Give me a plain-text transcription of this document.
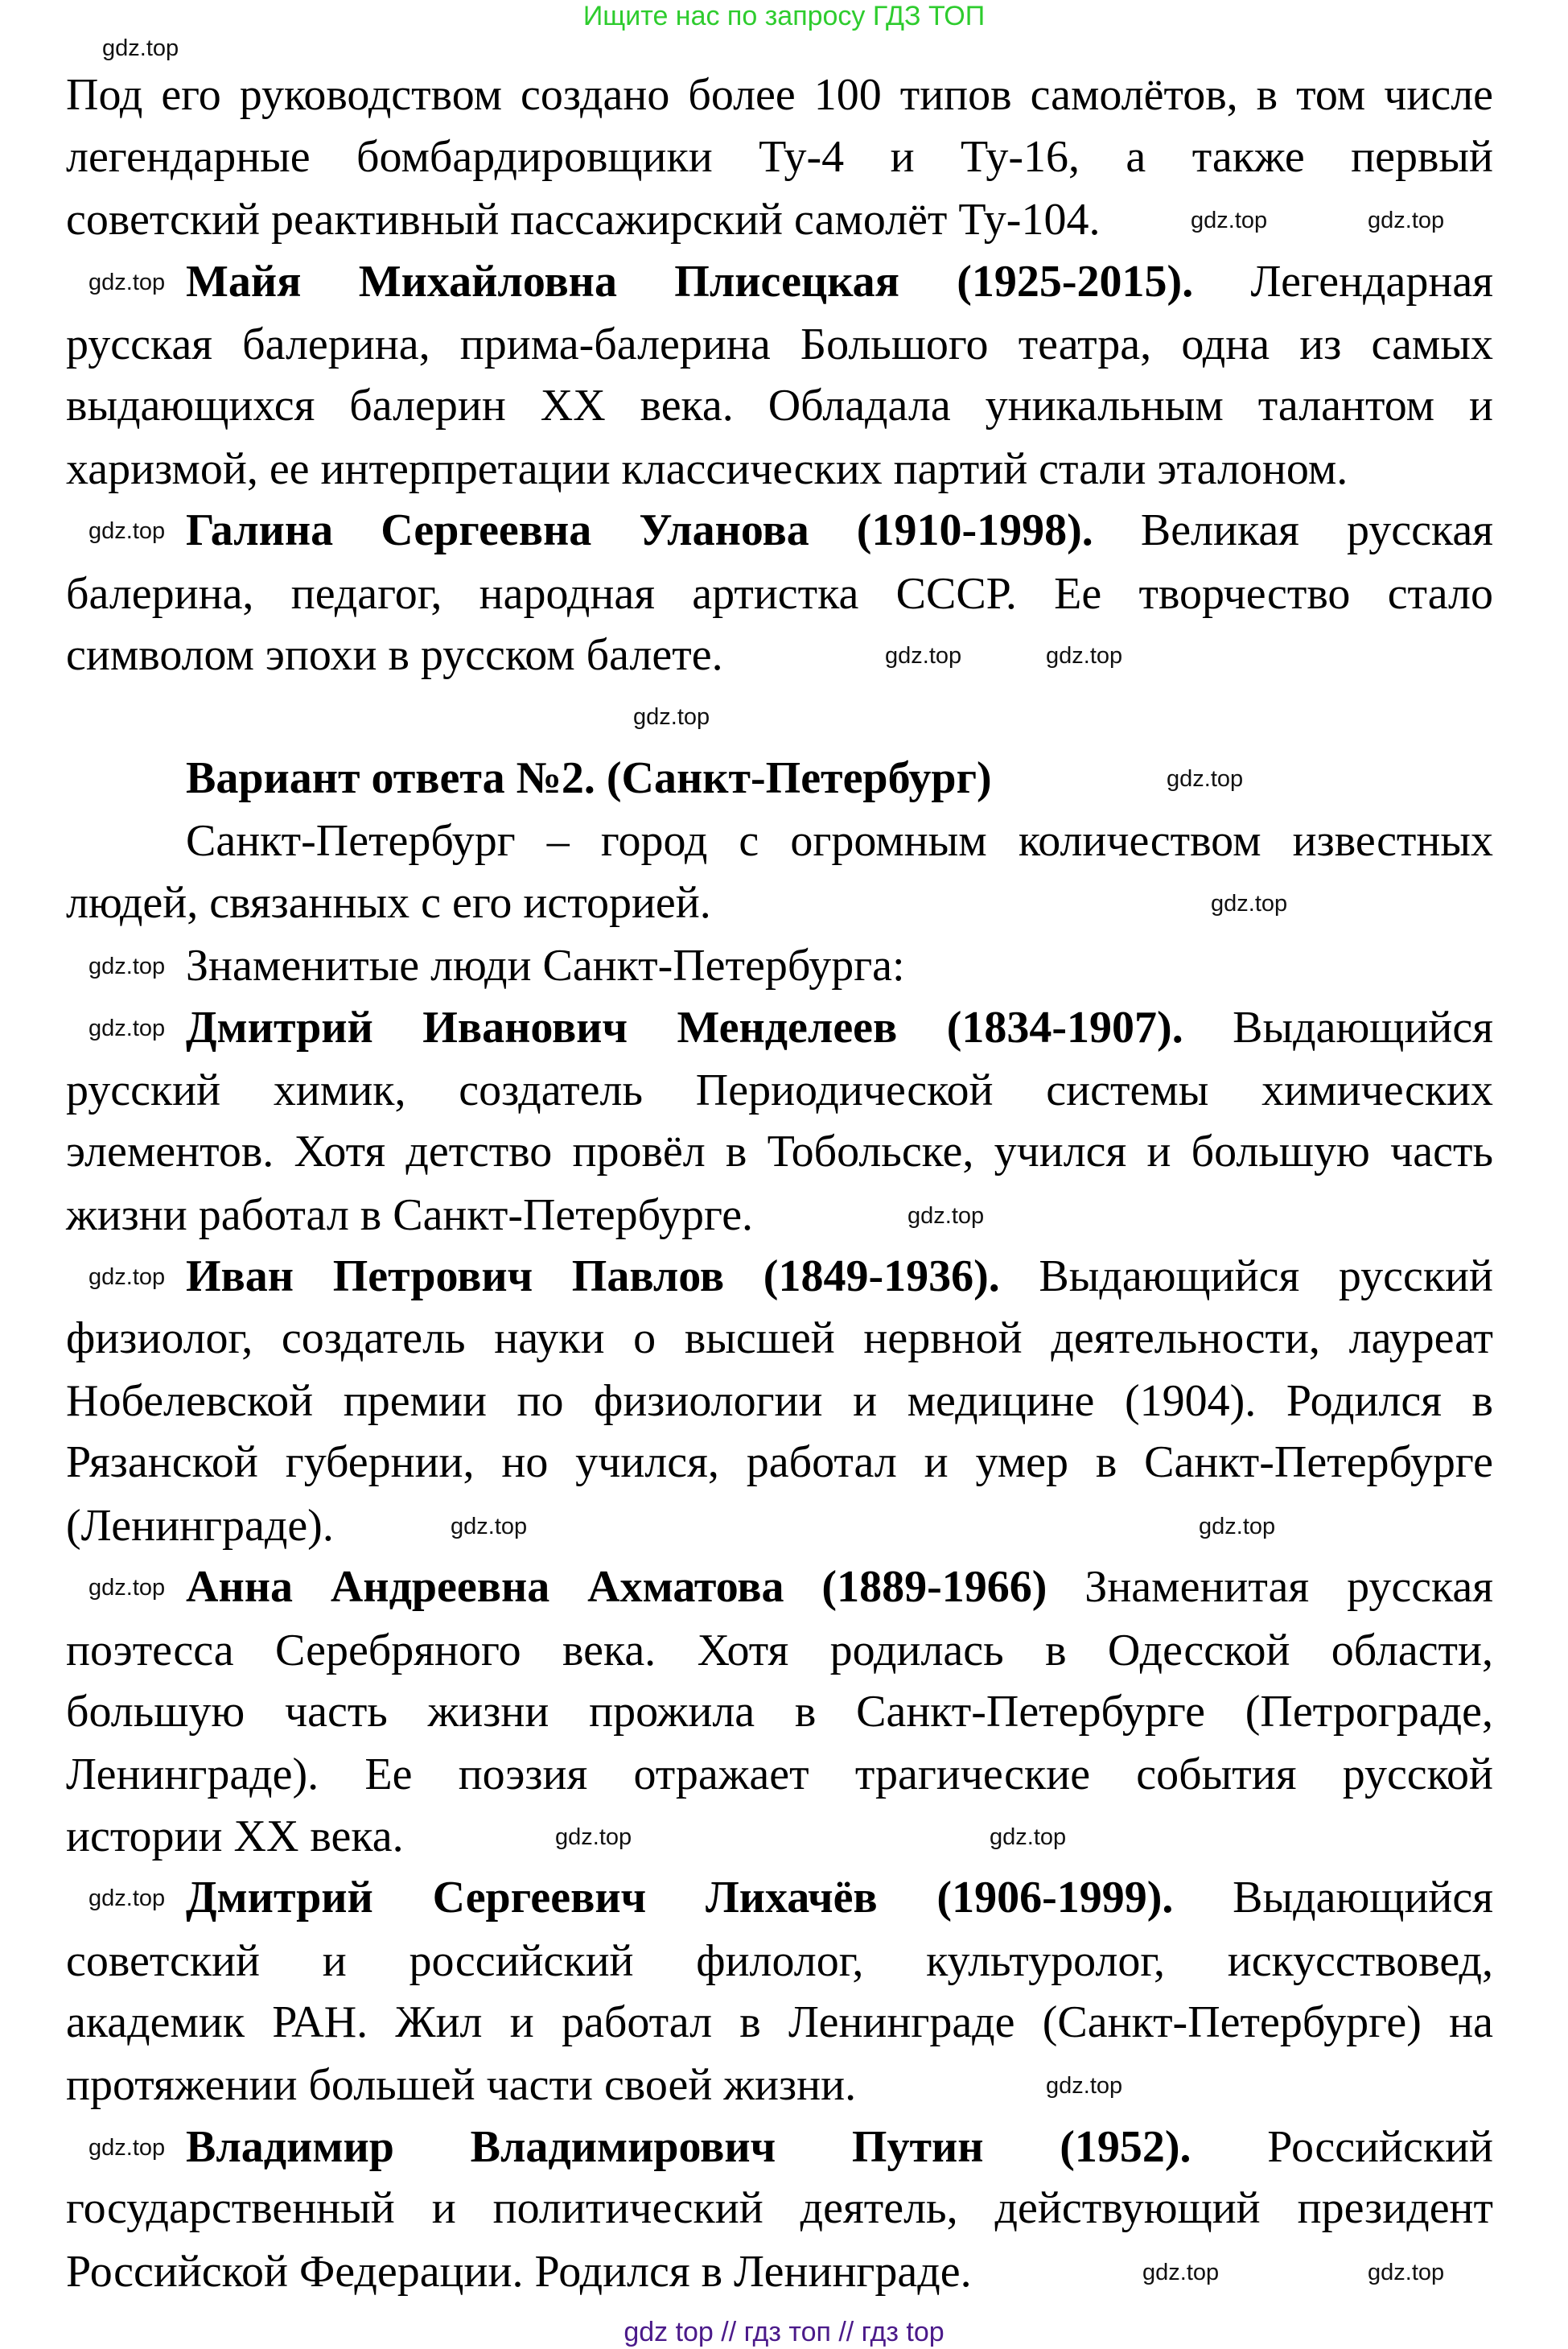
Ищите нас по запросу ГДЗ ТОП
Под его руководством создано более 100 типов самолётов, в том числе
легендарные бомбардировщики Ту-4 и Ту-16, а также первый
советский реактивный пассажирский самолёт Ту-104.
Майя Михайловна Плисецкая (1925-2015). Легендарная
русская балерина, прима-балерина Большого театра, одна из самых
выдающихся балерин XX века. Обладала уникальным талантом и
харизмой, ее интерпретации классических партий стали эталоном.
Галина Сергеевна Уланова (1910-1998). Великая русская
балерина, педагог, народная артистка СССР. Ее творчество стало
символом эпохи в русском балете.
Вариант ответа №2. (Санкт-Петербург)
Санкт-Петербург – город с огромным количеством известных
людей, связанных с его историей.
Знаменитые люди Санкт-Петербурга:
Дмитрий Иванович Менделеев (1834-1907). Выдающийся
русский химик, создатель Периодической системы химических
элементов. Хотя детство провёл в Тобольске, учился и большую часть
жизни работал в Санкт-Петербурге.
Иван Петрович Павлов (1849-1936). Выдающийся русский
физиолог, создатель науки о высшей нервной деятельности, лауреат
Нобелевской премии по физиологии и медицине (1904). Родился в
Рязанской губернии, но учился, работал и умер в Санкт-Петербурге
(Ленинграде).
Анна Андреевна Ахматова (1889-1966) Знаменитая русская
поэтесса Серебряного века. Хотя родилась в Одесской области,
большую часть жизни прожила в Санкт-Петербурге (Петрограде,
Ленинграде). Ее поэзия отражает трагические события русской
истории XX века.
Дмитрий Сергеевич Лихачёв (1906-1999). Выдающийся
советский и российский филолог, культуролог, искусствовед,
академик РАН. Жил и работал в Ленинграде (Санкт-Петербурге) на
протяжении большей части своей жизни.
Владимир Владимирович Путин (1952). Российский
государственный и политический деятель, действующий президент
Российской Федерации. Родился в Ленинграде.
gdz.top
gdz.top
gdz.top
gdz.top
gdz.top
gdz.top	gdz.top
gdz.top
gdz.top
gdz.top
gdz.top
gdz.top
gdz.top
gdz.top
gdz.top
gdz.top
gdz.top
gdz.top
gdz.top
gdz.top
gdz.top
gdz.top
gdz.top	gdz.top
gdz top // гдз топ // гдз top
